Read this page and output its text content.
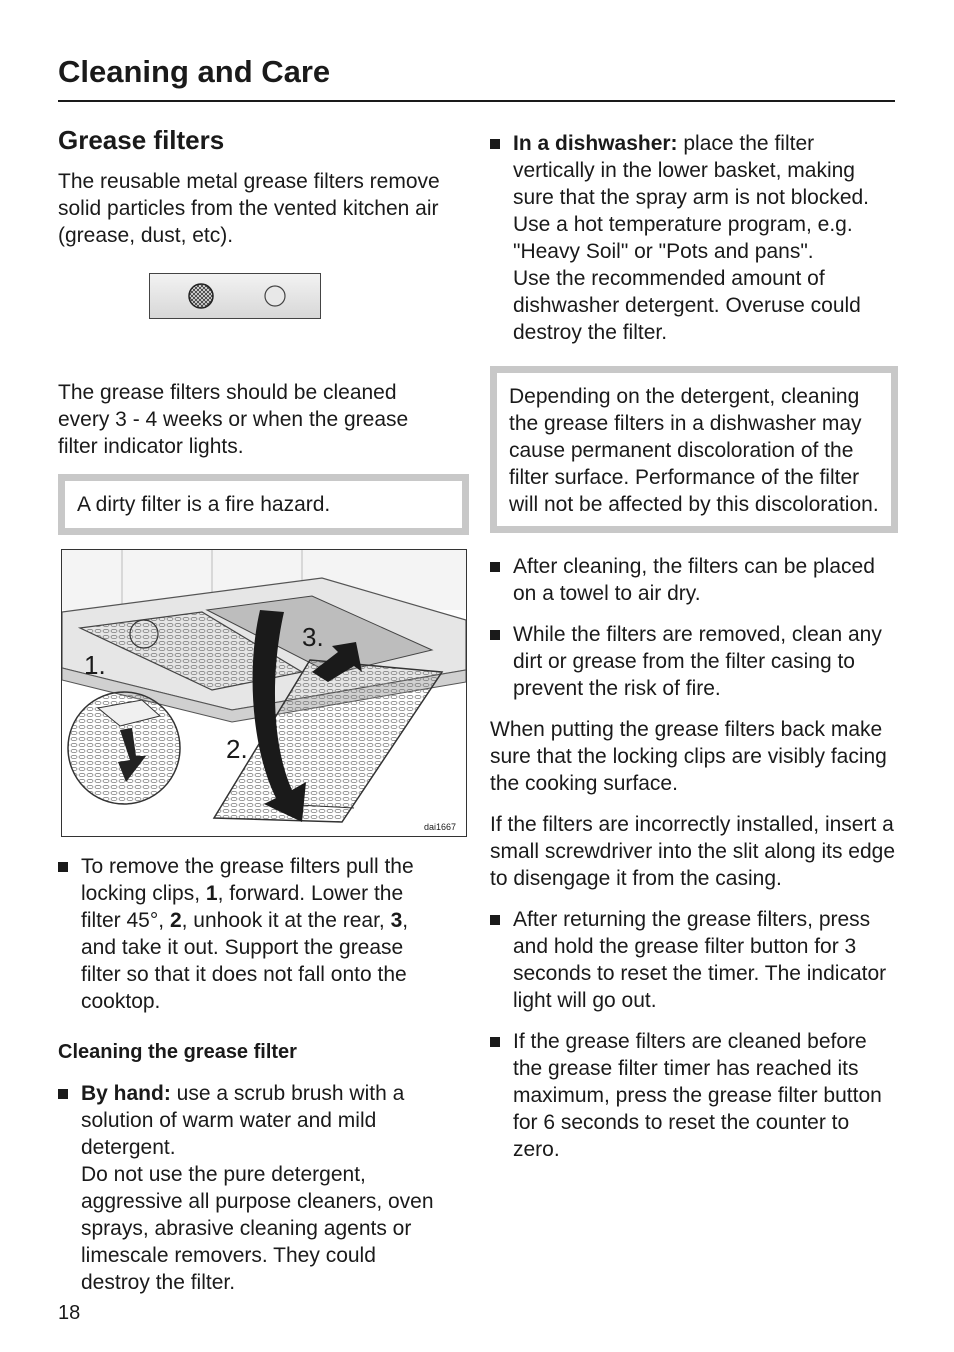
Cleaning and Care
Grease filters

The reusable metal grease filters remove solid particles from the vented kitchen air (grease, dust, etc).

The grease filters should be cleaned every 3 - 4 weeks or when the grease filter indicator lights.

A dirty filter is a fire hazard.
3.
1.
2.
dai1667
To remove the grease filters pull the locking clips, 1, forward. Lower the filter 45°, 2, unhook it at the rear, 3, and take it out. Support the grease filter so that it does not fall onto the cooktop.
Cleaning the grease filter
By hand: use a scrub brush with a solution of warm water and mild detergent.
Do not use the pure detergent, aggressive all purpose cleaners, oven sprays, abrasive cleaning agents or limescale removers. They could destroy the filter.
In a dishwasher: place the filter vertically in the lower basket, making sure that the spray arm is not blocked.
Use a hot temperature program, e.g. "Heavy Soil" or "Pots and pans".
Use the recommended amount of dishwasher detergent. Overuse could destroy the filter.
Depending on the detergent, cleaning the grease filters in a dishwasher may cause permanent discoloration of the filter surface. Performance of the filter will not be affected by this discoloration.
After cleaning, the filters can be placed on a towel to air dry.
While the filters are removed, clean any dirt or grease from the filter casing to prevent the risk of fire.

When putting the grease filters back make sure that the locking clips are visibly facing the cooking surface.

If the filters are incorrectly installed, insert a small screwdriver into the slit along its edge to disengage it from the casing.

After returning the grease filters, press and hold the grease filter button for 3 seconds to reset the timer. The indicator light will go out.
If the grease filters are cleaned before the grease filter timer has reached its maximum, press the grease filter button for 6 seconds to reset the counter to zero.
18
